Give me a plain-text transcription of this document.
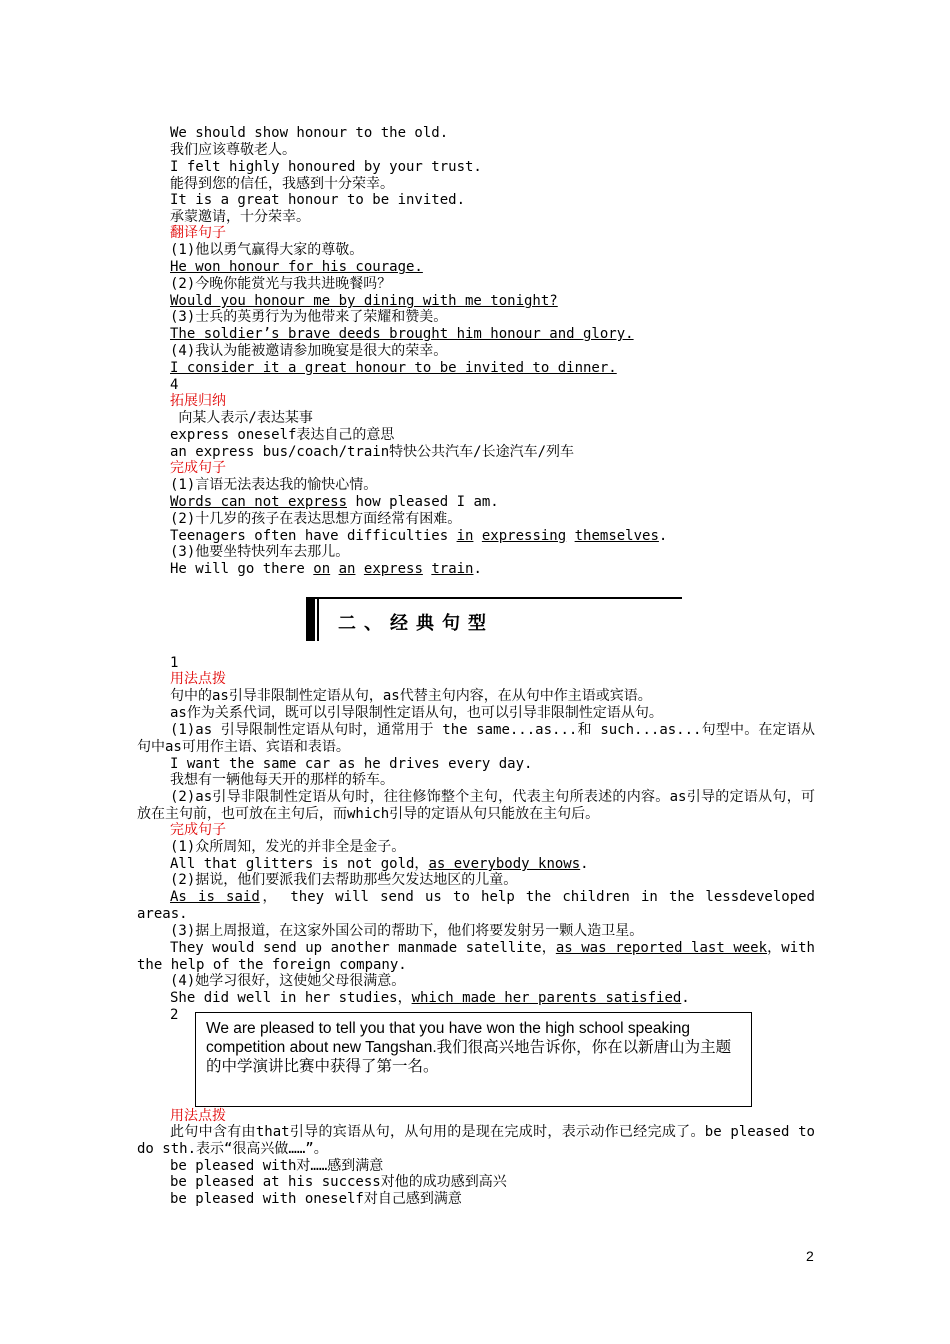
We should show honour to the old.
我们应该尊敬老人。
I felt highly honoured by your trust.
能得到您的信任，我感到十分荣幸。
It is a great honour to be invited.
承蒙邀请，十分荣幸。
翻译句子
(1)他以勇气赢得大家的尊敬。
He won honour for his courage.
(2)今晚你能赏光与我共进晚餐吗？
Would you honour me by dining with me tonight?
(3)士兵的英勇行为为他带来了荣耀和赞美。
The soldier’s brave deeds brought him honour and glory.
(4)我认为能被邀请参加晚宴是很大的荣幸。
I consider it a great honour to be invited to dinner.
4
拓展归纳
向某人表示/表达某事
express oneself表达自己的意思
an express bus/coach/train特快公共汽车/长途汽车/列车
完成句子
(1)言语无法表达我的愉快心情。
Words can not express how pleased I am.
(2)十几岁的孩子在表达思想方面经常有困难。
Teenagers often have difficulties in expressing themselves.
(3)他要坐特快列车去那儿。
He will go there on an express train.
二、经典句型
1
用法点拨
句中的as引导非限制性定语从句，as代替主句内容，在从句中作主语或宾语。
as作为关系代词，既可以引导限制性定语从句，也可以引导非限制性定语从句。
(1)as 引导限制性定语从句时，通常用于 the same...as...和 such...as...句型中。在定语从句中as可用作主语、宾语和表语。
I want the same car as he drives every day.
我想有一辆他每天开的那样的轿车。
(2)as引导非限制性定语从句时，往往修饰整个主句，代表主句所表述的内容。as引导的定语从句，可放在主句前，也可放在主句后，而which引导的定语从句只能放在主句后。
完成句子
(1)众所周知，发光的并非全是金子。
All that glitters is not gold，as everybody knows.
(2)据说，他们要派我们去帮助那些欠发达地区的儿童。
As is said， they will send us to help the children in the lessdeveloped areas.
(3)据上周报道，在这家外国公司的帮助下，他们将要发射另一颗人造卫星。
They would send up another manmade satellite，as was reported last week，with the help of the foreign company.
(4)她学习很好，这使她父母很满意。
She did well in her studies，which made her parents satisfied.
2
We are pleased to tell you that you have won the high school speaking competition about new Tangshan.我们很高兴地告诉你，你在以新唐山为主题的中学演讲比赛中获得了第一名。
用法点拨
此句中含有由that引导的宾语从句，从句用的是现在完成时，表示动作已经完成了。be pleased to do sth.表示“很高兴做……”。
be pleased with对……感到满意
be pleased at his success对他的成功感到高兴
be pleased with oneself对自己感到满意
2
